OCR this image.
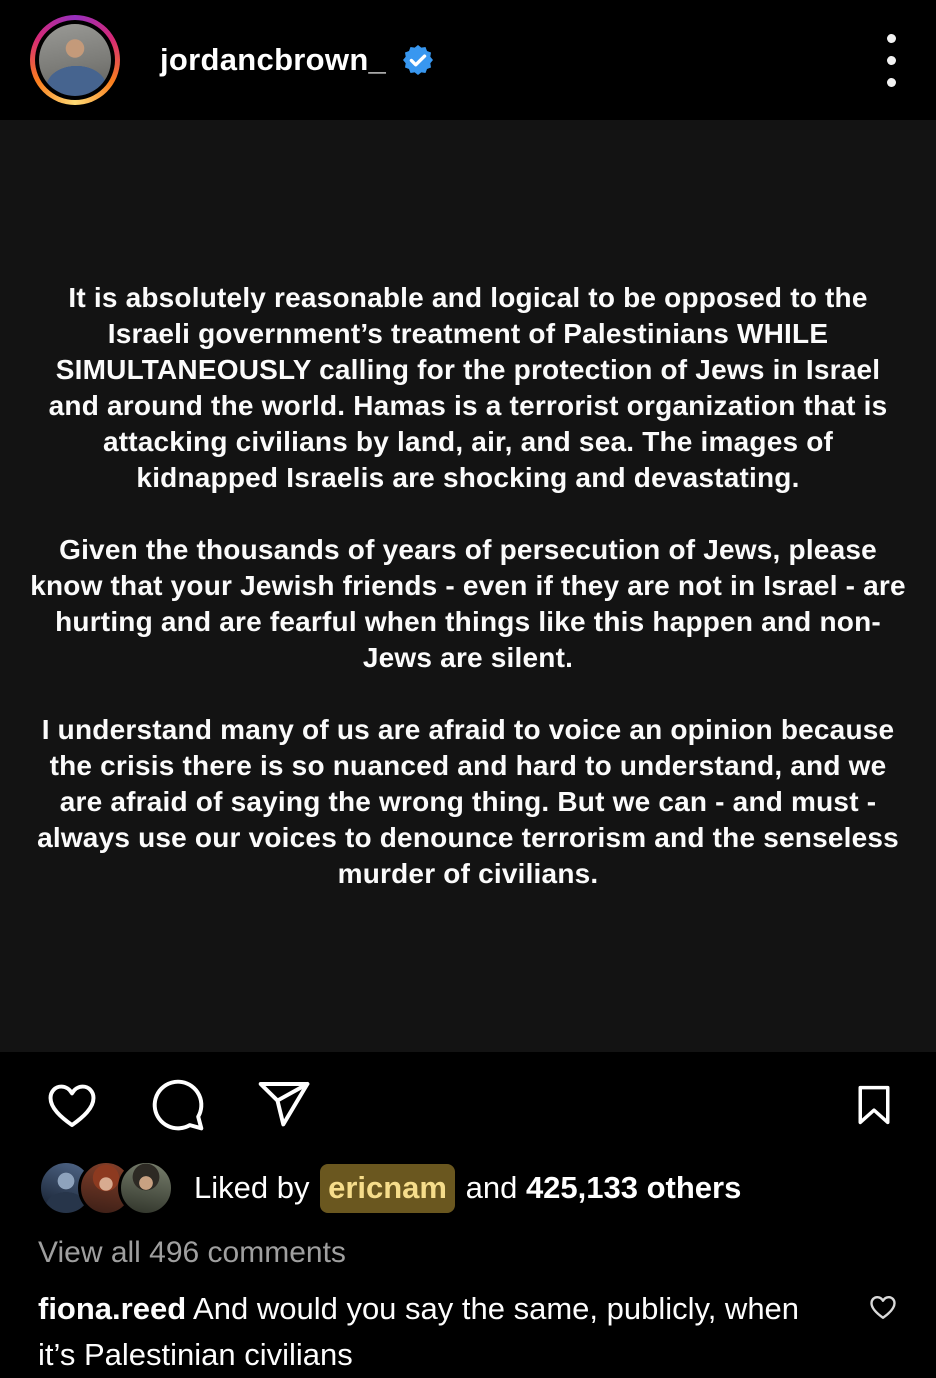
jordancbrown_

It is absolutely reasonable and logical to be opposed to the Israeli government’s treatment of Palestinians WHILE SIMULTANEOUSLY calling for the protection of Jews in Israel and around the world. Hamas is a terrorist organization that is attacking civilians by land, air, and sea. The images of kidnapped Israelis are shocking and devastating.

Given the thousands of years of persecution of Jews, please know that your Jewish friends - even if they are not in Israel - are hurting and are fearful when things like this happen and non-Jews are silent.

I understand many of us are afraid to voice an opinion because the crisis there is so nuanced and hard to understand, and we are afraid of saying the wrong thing. But we can - and must - always use our voices to denounce terrorism and the senseless murder of civilians.

Liked by ericnam and 425,133 others
View all 496 comments
fiona.reed And would you say the same, publicly, when it’s Palestinian civilians
